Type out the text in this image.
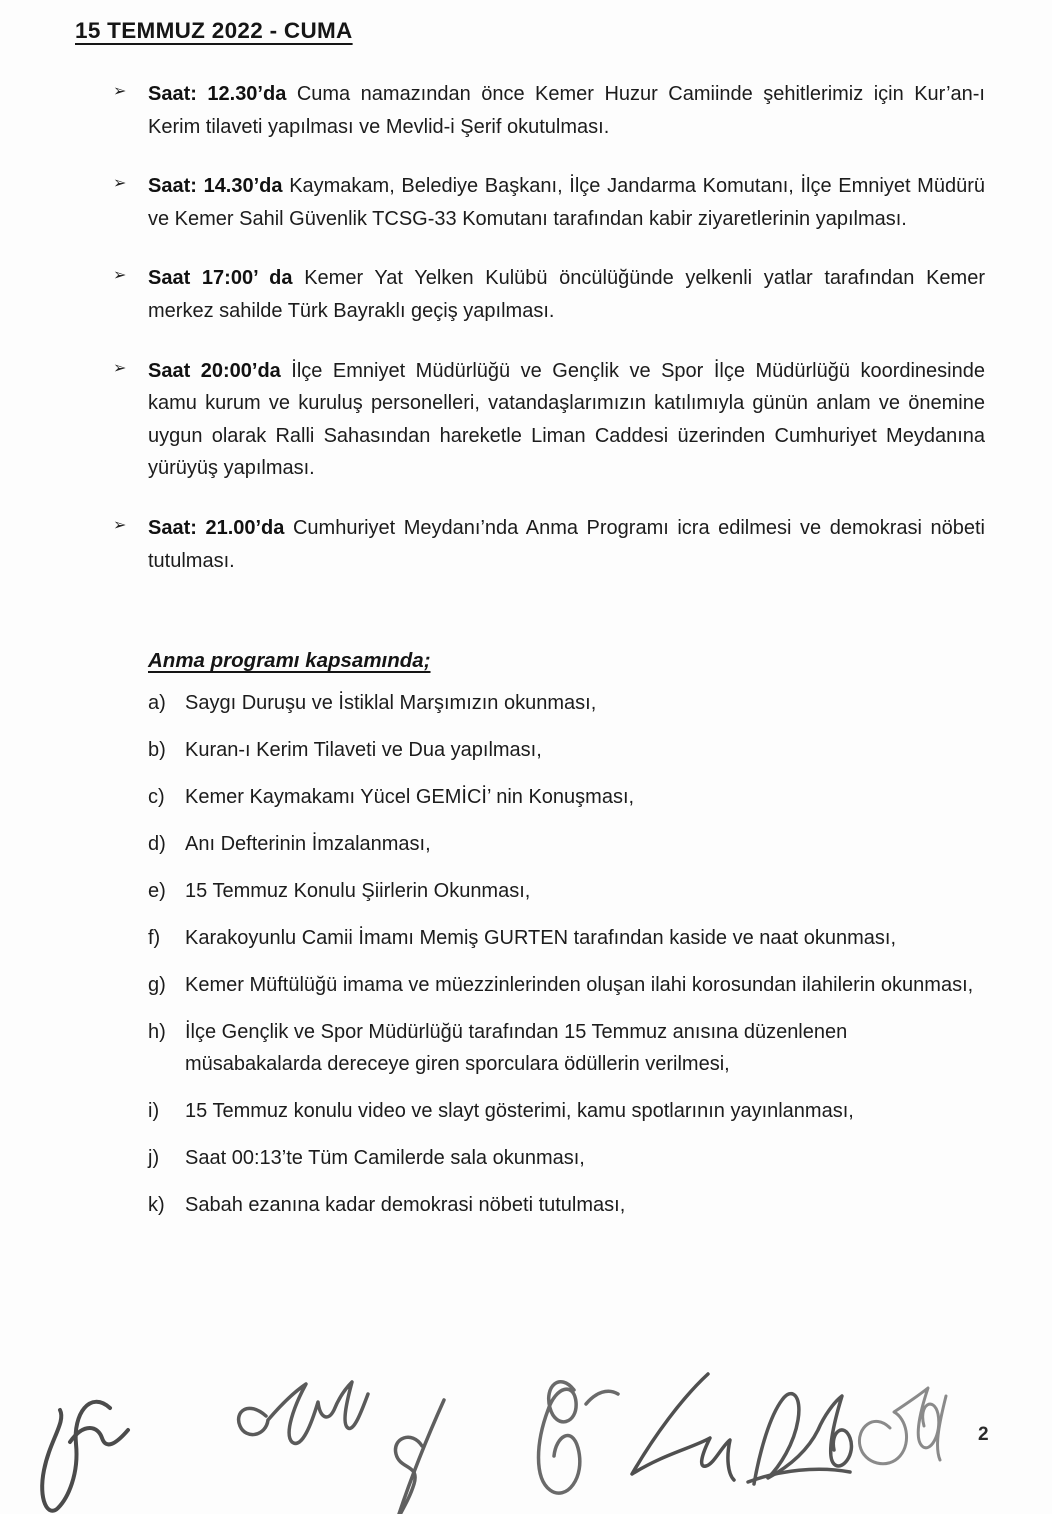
15 TEMMUZ 2022 - CUMA
➢	Saat: 12.30’da Cuma namazından önce Kemer Huzur Camiinde şehitlerimiz için Kur’an-ı Kerim tilaveti yapılması ve Mevlid-i Şerif okutulması.

➢	Saat: 14.30’da Kaymakam, Belediye Başkanı, İlçe Jandarma Komutanı, İlçe Emniyet Müdürü ve Kemer Sahil Güvenlik TCSG-33 Komutanı tarafından kabir ziyaretlerinin yapılması.

➢	Saat 17:00’ da Kemer Yat Yelken Kulübü öncülüğünde yelkenli yatlar tarafından Kemer merkez sahilde Türk Bayraklı geçiş yapılması.

➢	Saat 20:00’da İlçe Emniyet Müdürlüğü ve Gençlik ve Spor İlçe Müdürlüğü koordinesinde kamu kurum ve kuruluş personelleri, vatandaşlarımızın katılımıyla günün anlam ve önemine uygun olarak Ralli Sahasından hareketle Liman Caddesi üzerinden Cumhuriyet Meydanına yürüyüş yapılması.

➢	Saat: 21.00’da Cumhuriyet Meydanı’nda Anma Programı icra edilmesi ve demokrasi nöbeti tutulması.

Anma programı kapsamında;
a) Saygı Duruşu ve İstiklal Marşımızın okunması,
b) Kuran-ı Kerim Tilaveti ve Dua yapılması,
c)	Kemer Kaymakamı Yücel GEMİCİ’ nin Konuşması,
d) Anı Defterinin İmzalanması,
e) 15 Temmuz Konulu Şiirlerin Okunması,
f)	Karakoyunlu Camii İmamı Memiş GURTEN tarafından kaside ve naat okunması,
g) Kemer Müftülüğü imama ve müezzinlerinden oluşan ilahi korosundan ilahilerin okunması,
h) İlçe Gençlik ve Spor Müdürlüğü tarafından 15 Temmuz anısına düzenlenen müsabakalarda dereceye giren sporculara ödüllerin verilmesi,
i)	15 Temmuz konulu video ve slayt gösterimi, kamu spotlarının yayınlanması,
j)	Saat 00:13’te Tüm Camilerde sala okunması,
k)	Sabah ezanına kadar demokrasi nöbeti tutulması,
2
